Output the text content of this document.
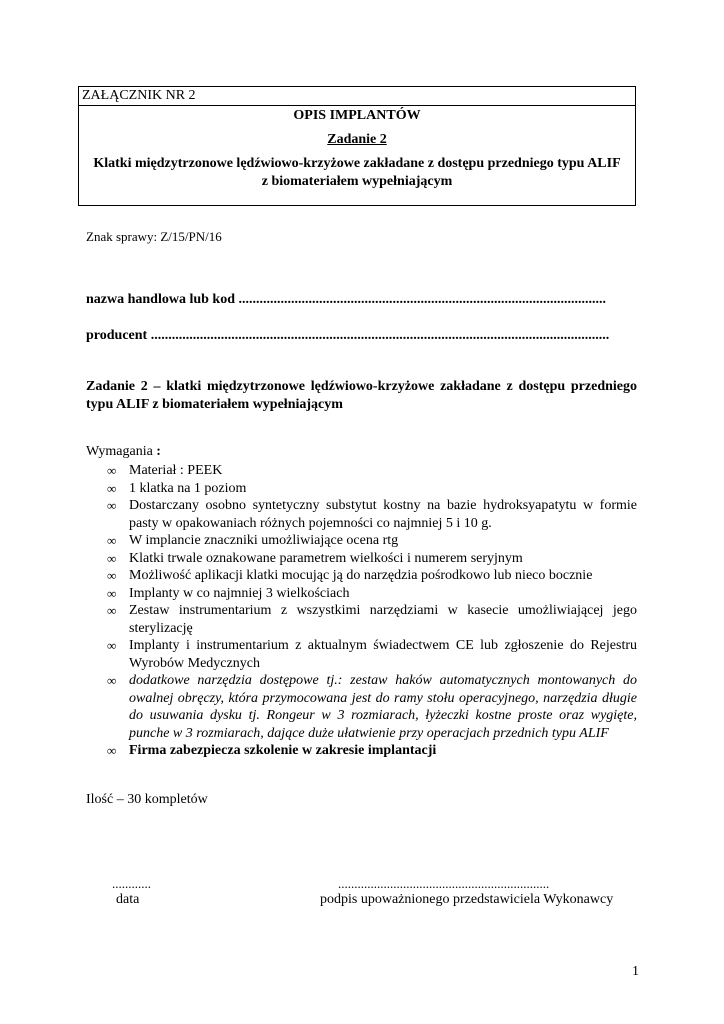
ZAŁĄCZNIK NR 2
OPIS IMPLANTÓW
Zadanie 2
Klatki międzytrzonowe lędźwiowo-krzyżowe zakładane z dostępu przedniego typu ALIF z biomateriałem wypełniającym
Znak sprawy: Z/15/PN/16
nazwa handlowa lub kod .........................................................................................................
producent ...................................................................................................................................
Zadanie 2 – klatki międzytrzonowe lędźwiowo-krzyżowe zakładane z dostępu przedniego typu ALIF z biomateriałem wypełniającym
Wymagania :
∞ Materiał : PEEK
∞ 1 klatka na 1 poziom
∞ Dostarczany osobno syntetyczny substytut kostny na bazie hydroksyapatytu w formie pasty w opakowaniach różnych pojemności co najmniej 5 i 10 g.
∞ W implancie znaczniki umożliwiające ocena rtg
∞ Klatki trwale oznakowane parametrem wielkości i numerem seryjnym
∞ Możliwość aplikacji klatki mocując ją do narzędzia pośrodkowo lub nieco bocznie
∞ Implanty w co najmniej 3 wielkościach
∞ Zestaw instrumentarium z wszystkimi narzędziami w kasecie umożliwiającej jego sterylizację
∞ Implanty i instrumentarium z aktualnym świadectwem CE lub zgłoszenie do Rejestru Wyrobów Medycznych
∞ dodatkowe narzędzia dostępowe tj.: zestaw haków automatycznych montowanych do owalnej obręczy, która przymocowana jest do ramy stołu operacyjnego, narzędzia długie do usuwania dysku tj. Rongeur w 3 rozmiarach, łyżeczki kostne proste oraz wygięte, punche w 3 rozmiarach, dające duże ułatwienie przy operacjach przednich typu ALIF
∞ Firma zabezpiecza szkolenie w zakresie implantacji
Ilość – 30 kompletów
............	.................................................................
data	podpis upoważnionego przedstawiciela Wykonawcy
1
